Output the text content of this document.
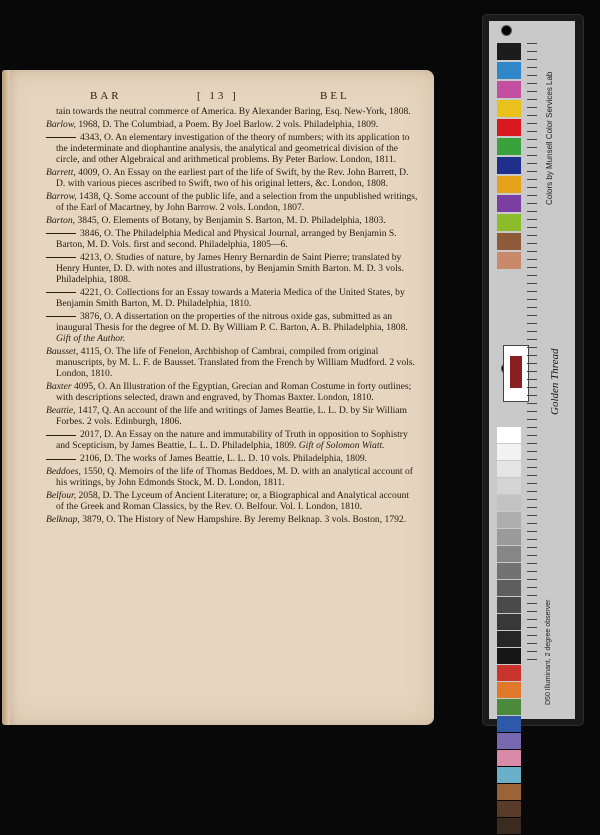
BAR	[ 13 ]	BEL
tain towards the neutral commerce of America. By Alexander Baring, Esq. New-York, 1808.
Barlow, 1968, D. The Columbiad, a Poem. By Joel Barlow. 2 vols. Philadelphia, 1809.
4343, O. An elementary investigation of the theory of numbers; with its application to the indeterminate and diophantine analysis, the analytical and geometrical division of the circle, and other Algebraical and arithmetical problems. By Peter Barlow. London, 1811.
Barrett, 4009, O. An Essay on the earliest part of the life of Swift, by the Rev. John Barrett, D. D. with various pieces ascribed to Swift, two of his original letters, &c. London, 1808.
Barrow, 1438, Q. Some account of the public life, and a selection from the unpublished writings, of the Earl of Macartney, by John Barrow. 2 vols. London, 1807.
Barton, 3845, O. Elements of Botany, by Benjamin S. Barton, M. D. Philadelphia, 1803.
3846, O. The Philadelphia Medical and Physical Journal, arranged by Benjamin S. Barton, M. D. Vols. first and second. Philadelphia, 1805—6.
4213, O. Studies of nature, by James Henry Bernardin de Saint Pierre; translated by Henry Hunter, D. D. with notes and illustrations, by Benjamin Smith Barton. M. D. 3 vols. Philadelphia, 1808.
4221, O. Collections for an Essay towards a Materia Medica of the United States, by Benjamin Smith Barton, M. D. Philadelphia, 1810.
3876, O. A dissertation on the properties of the nitrous oxide gas, submitted as an inaugural Thesis for the degree of M. D. By William P. C. Barton, A. B. Philadelphia, 1808. Gift of the Author.
Bausset, 4115, O. The life of Fenelon, Archbishop of Cambrai, compiled from original manuscripts, by M. L. F. de Bausset. Translated from the French by William Mudford. 2 vols. London, 1810.
Baxter 4095, O. An Illustration of the Egyptian, Grecian and Roman Costume in forty outlines; with descriptions selected, drawn and engraved, by Thomas Baxter. London, 1810.
Beattie, 1417, Q. An account of the life and writings of James Beattie, L. L. D. by Sir William Forbes. 2 vols. Edinburgh, 1806.
2017, D. An Essay on the nature and immutability of Truth in opposition to Sophistry and Scepticism, by James Beattie, L. L. D. Philadelphia, 1809. Gift of Solomon Wiatt.
2106, D. The works of James Beattie, L. L. D. 10 vols. Philadelphia, 1809.
Beddoes, 1550, Q. Memoirs of the life of Thomas Beddoes, M. D. with an analytical account of his writings, by John Edmonds Stock, M. D. London, 1811.
Belfour, 2058, D. The Lyceum of Ancient Literature; or, a Biographical and Analytical account of the Greek and Roman Classics, by the Rev. O. Belfour. Vol. I. London, 1810.
Belknap, 3879, O. The History of New Hampshire. By Jeremy Belknap. 3 vols. Boston, 1792.
Colors by Munsell Color Services Lab
Golden Thread
D50 Illuminant, 2 degree observer
